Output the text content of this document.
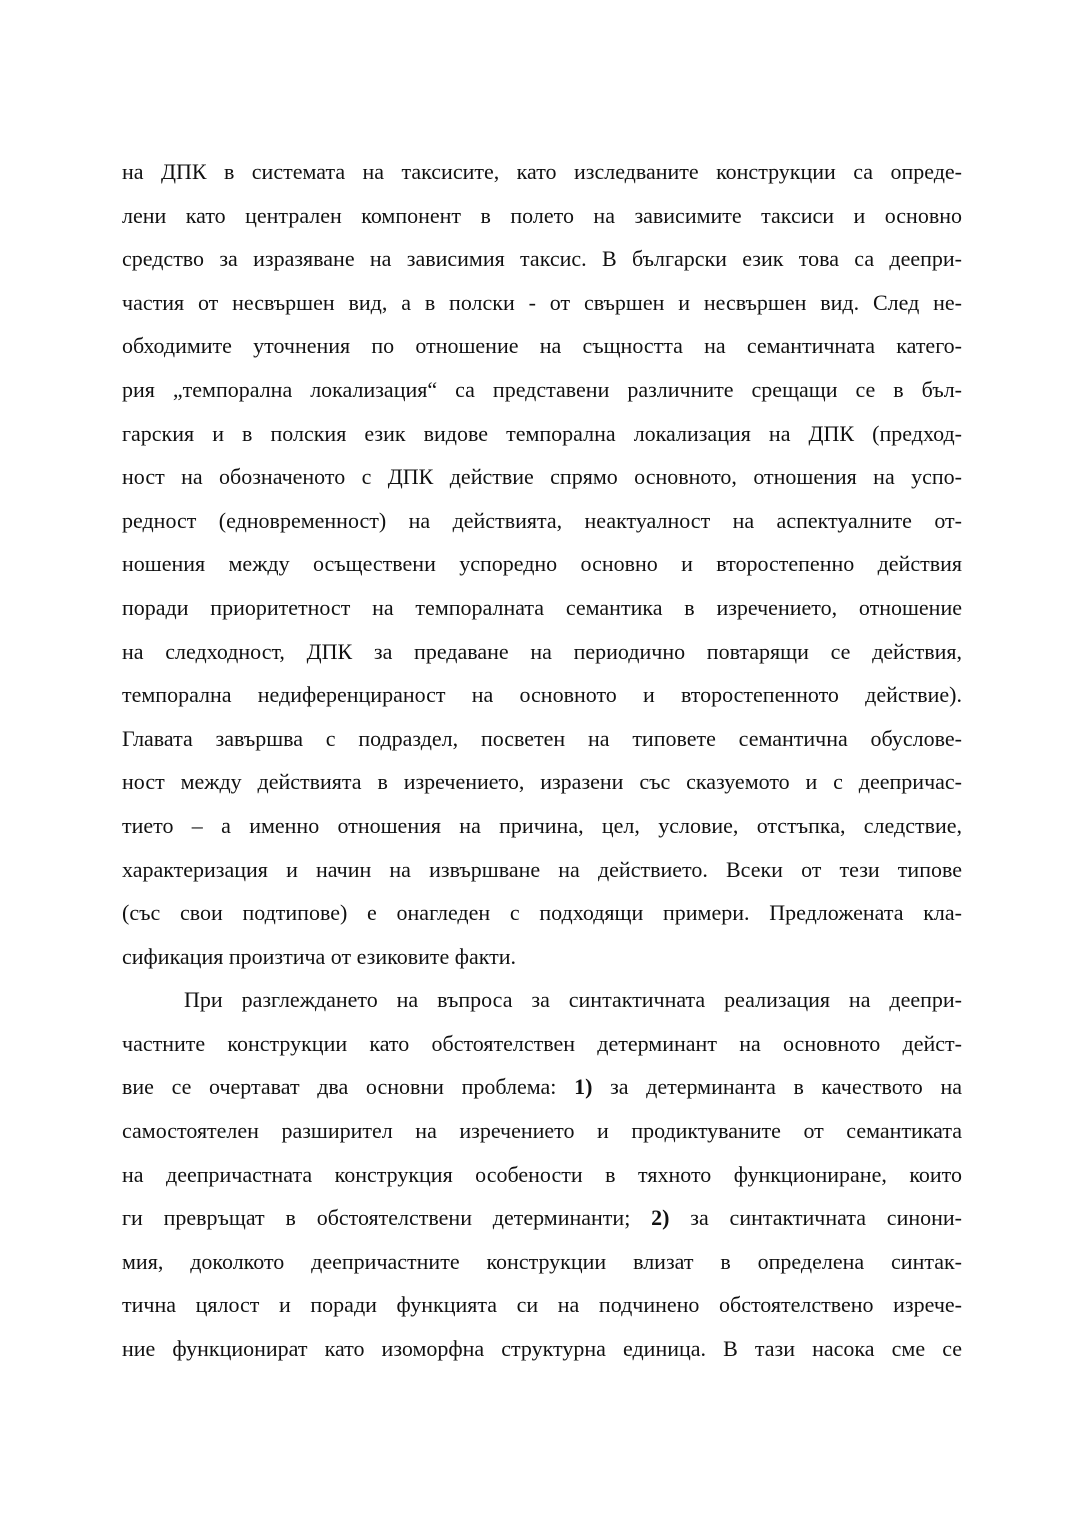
на ДПК в системата на таксисите, като изследваните конструкции са опреде-
лени като централен компонент в полето на зависимите таксиси и основно
средство за изразяване на зависимия таксис. В български език това са деепри-
частия от несвършен вид, а в полски - от свършен и несвършен вид. След не-
обходимите уточнения по отношение на същността на семантичната катего-
рия „темпорална локализация“ са представени различните срещащи се в бъл-
гарския и в полския език видове темпорална локализация на ДПК (предход-
ност на обозначеното с ДПК действие спрямо основното, отношения на успо-
редност (едновременност) на действията, неактуалност на аспектуалните от-
ношения между осъществени успоредно основно и второстепенно действия
поради приоритетност на темпоралната семантика в изречението, отношение
на следходност, ДПК за предаване на периодично повтарящи се действия,
темпорална недиференцираност на основното и второстепенното действие).
Главата завършва с подраздел, посветен на типовете семантична обуслове-
ност между действията в изречението, изразени със сказуемото и с деепричас-
тието – а именно отношения на причина, цел, условие, отстъпка, следствие,
характеризация и начин на извършване на действието. Всеки от тези типове
(със свои подтипове) е онагледен с подходящи примери. Предложената кла-
сификация произтича от езиковите факти.
При разглеждането на въпроса за синтактичната реализация на деепри-
частните конструкции като обстоятелствен детерминант на основното дейст-
вие се очертават два основни проблема: 1) за детерминанта в качеството на
самостоятелен разширител на изречението и продиктуваните от семантиката
на деепричастната конструкция особености в тяхното функциониране, които
ги превръщат в обстоятелствени детерминанти; 2) за синтактичната синони-
мия, доколкото деепричастните конструкции влизат в определена синтак-
тична цялост и поради функцията си на подчинено обстоятелствено изрече-
ние функционират като изоморфна структурна единица. В тази насока сме се
